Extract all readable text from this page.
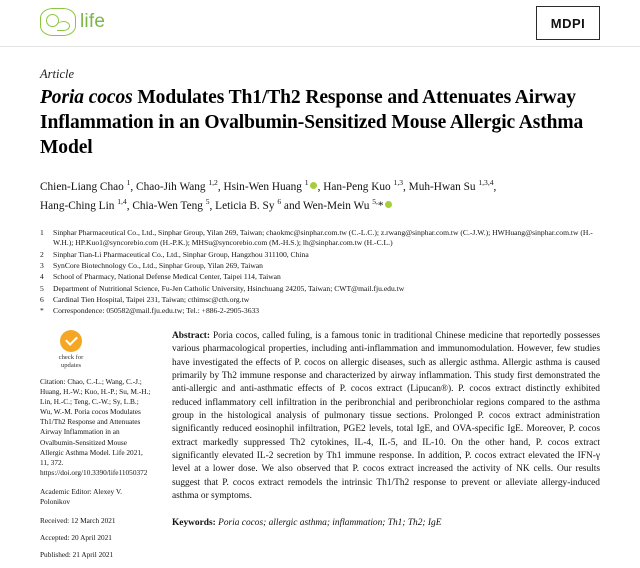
life	MDPI
Article
Poria cocos Modulates Th1/Th2 Response and Attenuates Airway Inflammation in an Ovalbumin-Sensitized Mouse Allergic Asthma Model
Chien-Liang Chao $^1$, Chao-Jih Wang $^{1,2}$, Hsin-Wen Huang $^1$ , Han-Peng Kuo $^{1,3}$, Muh-Hwan Su $^{1,3,4}$,
Hang-Ching Lin $^{1,4}$, Chia-Wen Teng $^5$, Leticia B. Sy $^6$ and Wen-Mein Wu $^{5,}$*
1	Sinphar Pharmaceutical Co., Ltd., Sinphar Group, Yilan 269, Taiwan; chaokmc@sinphar.com.tw (C.-L.C.); z.rwang@sinphar.com.tw (C.-J.W.); HWHuang@sinphar.com.tw (H.-W.H.); HP.Kuo1@syncorebio.com (H.-P.K.); MHSu@syncorebio.com (M.-H.S.); lh@sinphar.com.tw (H.-C.L.)
2	Sinphar Tian-Li Pharmaceutical Co., Ltd., Sinphar Group, Hangzhou 311100, China
3	SynCore Biotechnology Co., Ltd., Sinphar Group, Yilan 269, Taiwan
4	School of Pharmacy, National Defense Medical Center, Taipei 114, Taiwan
5	Department of Nutritional Science, Fu-Jen Catholic University, Hsinchuang 24205, Taiwan; CWT@mail.fju.edu.tw
6	Cardinal Tien Hospital, Taipei 231, Taiwan; cthimsc@cth.org.tw
*	Correspondence: 050582@mail.fju.edu.tw; Tel.: +886-2-2905-3633
check for
updates

Citation: Chao, C.-L.; Wang, C.-J.; Huang, H.-W.; Kuo, H.-P.; Su, M.-H.; Lin, H.-C.; Teng, C.-W.; Sy, L.B.; Wu, W.-M. Poria cocos Modulates Th1/Th2 Response and Attenuates Airway Inflammation in an Ovalbumin-Sensitized Mouse Allergic Asthma Model. Life 2021, 11, 372. https://doi.org/10.3390/life11050372

Academic Editor: Alexey V. Polonikov

Received: 12 March 2021

Accepted: 20 April 2021

Published: 21 April 2021

Abstract: Poria cocos, called fuling, is a famous tonic in traditional Chinese medicine that reportedly possesses various pharmacological properties, including anti-inflammation and immunomodulation. However, few studies have investigated the effects of P. cocos on allergic diseases, such as allergic asthma. Allergic asthma is caused primarily by Th2 immune response and characterized by airway inflammation. This study first demonstrated the anti-allergic and anti-asthmatic effects of P. cocos extract (Lipucan®). P. cocos extract distinctly exhibited reduced inflammatory cell infiltration in the peribronchial and peribronchiolar regions compared to the asthma group in the histological analysis of pulmonary tissue sections. Prolonged P. cocos extract administration significantly reduced eosinophil infiltration, PGE2 levels, total IgE, and OVA-specific IgE. Moreover, P. cocos extract markedly suppressed Th2 cytokines, IL-4, IL-5, and IL-10. On the other hand, P. cocos extract significantly elevated IL-2 secretion by Th1 immune response. In addition, P. cocos extract elevated the IFN-γ level at a lower dose. We also observed that P. cocos extract increased the activity of NK cells. Our results suggest that P. cocos extract remodels the intrinsic Th1/Th2 response to prevent or alleviate allergy-induced asthma or symptoms.
Keywords: Poria cocos; allergic asthma; inflammation; Th1; Th2; IgE
